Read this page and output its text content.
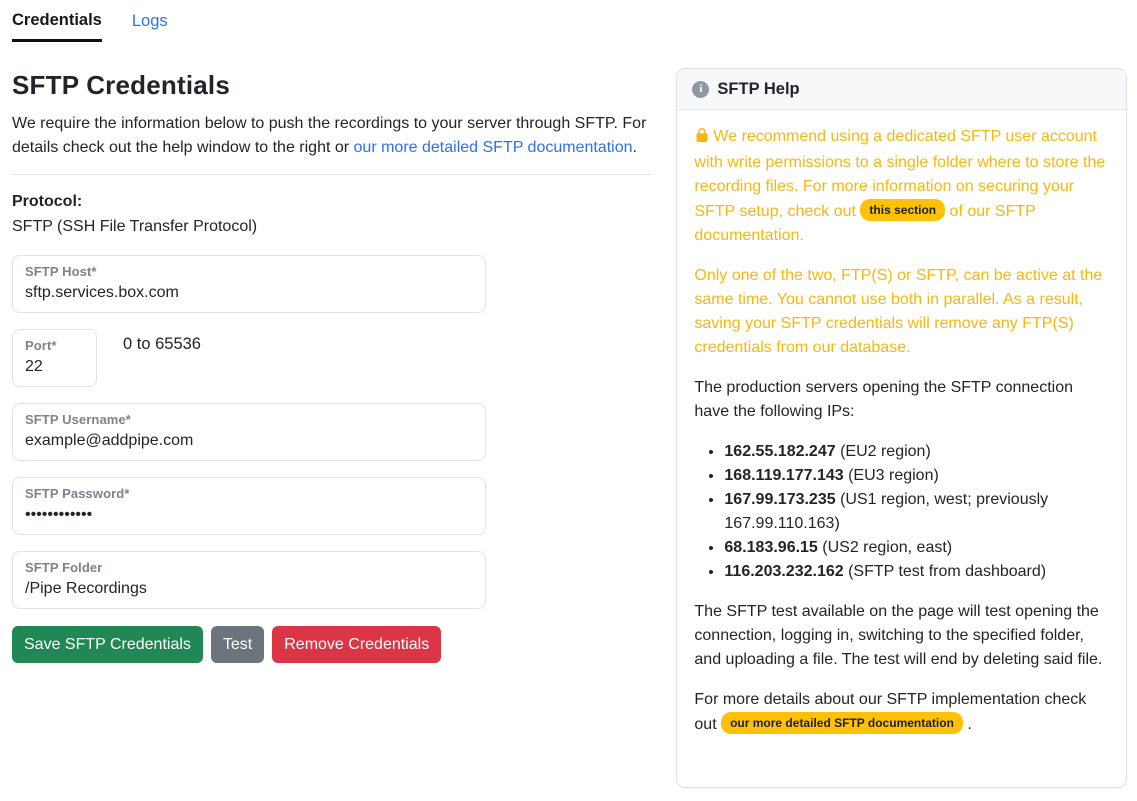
Credentials Logs
SFTP Credentials

We require the information below to push the recordings to your server through SFTP. For details check out the help window to the right or our more detailed SFTP documentation.

Protocol:

SFTP (SSH File Transfer Protocol)

SFTP Host*
sftp.services.box.com
Port*
22	0 to 65536
SFTP Username*
example@addpipe.com
SFTP Password*
••••••••••••
SFTP Folder
/Pipe Recordings
Save SFTP Credentials	Test	Remove Credentials
i SFTP Help

We recommend using a dedicated SFTP user account with write permissions to a single folder where to store the recording files. For more information on securing your SFTP setup, check out this section of our SFTP documentation.

Only one of the two, FTP(S) or SFTP, can be active at the same time. You cannot use both in parallel. As a result, saving your SFTP credentials will remove any FTP(S) credentials from our database.

The production servers opening the SFTP connection have the following IPs:

• 162.55.182.247 (EU2 region)
• 168.119.177.143 (EU3 region)
• 167.99.173.235 (US1 region, west; previously 167.99.110.163)
• 68.183.96.15 (US2 region, east)
• 116.203.232.162 (SFTP test from dashboard)

The SFTP test available on the page will test opening the connection, logging in, switching to the specified folder, and uploading a file. The test will end by deleting said file.

For more details about our SFTP implementation check out our more detailed SFTP documentation .
